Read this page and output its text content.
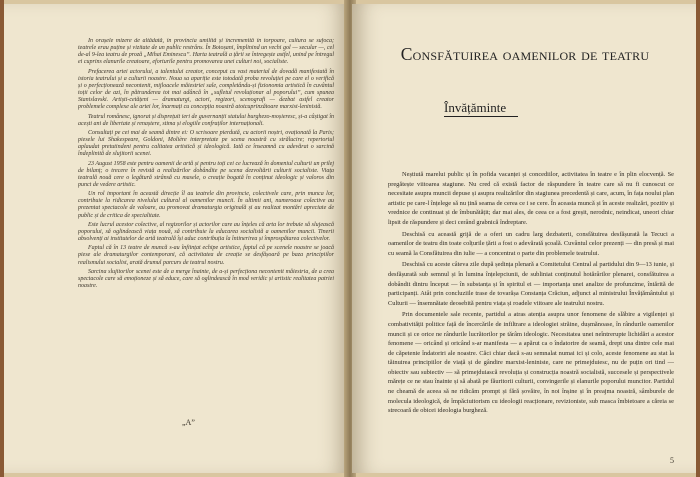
În orașele mizere de altădată, în provincia umilită și încremenită în torpoare, cultura se sufoca; teatrele erau puține și vizitate de un public restrâns. În Botoșani, împlinind un vechi gol — secular —, cel de-al 9-lea teatru de proză „Mihai Eminescu”. Harta teatrală a țării se întregește astfel, unind pe întregul ei cuprins elanurile creatoare, eforturile pentru promovarea unei culturi noi, socialiste.

Prefacerea artei actorului, a talentului creator, conceput cu vast material de dovadă manifestată în istoria teatrului și a culturii noastre. Noua sa apariție este totodată proba revoluției pe care el o verifică și o perfecționează necontenit, mijloacele măiestriei sale, completându-și fizionomia artistică în cuvântul toții celor de azi, în pătrunderea tot mai adâncă în „sufletul revoluționar al poporului”, cum spunea Stanislavski. Artiști-cetățeni — dramaturgi, actori, regizori, scenografi — dezbat astfel creator problemele complexe ale artei lor, înarmați cu concepția noastră atotcuprinzătoare marxist-leninistă.

Teatrul românesc, ignorat și disprețuit ieri de guvernanții statului burghezo-moșieresc, și-a câștigat în acești ani de libertate și renaștere, stima și elogiile confraților internaționali.

Consultați pe cei mai de seamă dintre ei: O scrisoare pierdută, cu actorii noștri, ovaționată la Paris; piesele lui Shakespeare, Goldoni, Molière interpretate pe scena noastră cu strălucire; repertoriul aplaudat pretutindeni pentru calitatea artistică și ideologică. Iată ce înseamnă cu adevărat o sarcină îndeplinită de slujitorii scenei.

23 August 1958 este pentru oamenii de artă și pentru toți cei ce lucrează în domeniul culturii un prilej de bilanț; o trecere în revistă a realizărilor dobândite pe scena dezvoltării culturii socialiste. Viața teatrală nouă cere o legătură strânsă cu masele, o creație bogată în conținut ideologic și valoros din punct de vedere artistic.

Un rol important în această direcție îl au teatrele din provincie, colectivele care, prin munca lor, contribuie la ridicarea nivelului cultural al oamenilor muncii. În ultimii ani, numeroase colective au prezentat spectacole de valoare, au promovat dramaturgia originală și au realizat montări apreciate de public și de critica de specialitate.

Este lucrul acestor colective, al regizorilor și actorilor care au înțeles că arta lor trebuie să slujească poporului, să oglindească viața nouă, să contribuie la educarea socialistă a oamenilor muncii. Tinerii absolvenți ai institutelor de artă teatrală își aduc contribuția la întinerirea și împrospătarea colectivelor.

Faptul că în 13 teatre de muncă s-au înființat echipe artistice, faptul că pe scenele noastre se joacă piese ale dramaturgilor contemporani, că activitatea de creație se desfășoară pe baza principiilor realismului socialist, arată drumul parcurs de teatrul nostru.

Sarcina slujitorilor scenei este de a merge înainte, de a-și perfecționa necontenit măiestria, de a crea spectacole care să emoționeze și să educe, care să oglindească în mod veridic și artistic realitatea patriei noastre.

„A”
Consfătuirea oamenilor de teatru
Învățăminte

Neștiută marelui public și în pofida vacanței și concediilor, activitatea în teatre e în plin elocvență. Se pregătește viitoarea stagiune. Nu cred că există factor de răspundere în teatre care să nu fi cunoscut ce necesitate asupra muncii depuse și asupra realizărilor din stagiunea precedentă și care, acum, în fața noului plan artistic pe care-l înțelege să nu țină seama de cerea ce i se cere. În aceasta muncă și în aceste realizări, pozitiv și vrednice de continuat și de îmbunătățit; dar mai ales, de ceea ce a fost greșit, nerodnic, neindicat, uneori chiar lipsit de răspundere și deci cerând grabnică îndreptare.

Deschisă cu această grijă de a oferi un cadru larg dezbaterii, consfătuirea desfășurată la Tecuci a oamenilor de teatru din toate colțurile țării a fost o adevărată școală. Cuvântul celor prezenți — din presă și mai cu seamă la Consfătuirea din iulie — a concentrat o parte din problemele teatrului.

Deschisă cu aceste câteva zile după ședința plenară a Comitetului Central al partidului din 9—13 iunie, și desfășurată sub semnul și în lumina înțelepciunii, de subliniat conținutul hotărârilor plenarei, consfătuirea a dobândit dintru început — în substanța și în spiritul ei — importanța unei analize de profunzime, întărită de participanți. Atât prin concluziile trase de tovarășa Constanța Crăciun, adjunct al ministrului Învățământului și Culturii — însemnătate deosebită pentru viața și roadele viitoare ale teatrului nostru.

Prin documentele sale recente, partidul a atras atenția asupra unor fenomene de slăbire a vigilenței și combativității politice față de încercările de infiltrare a ideologiei străine, dușmănoase, în rândurile oamenilor muncii și ce orice ne rândurile lucrătorilor pe tărâm ideologic. Necesitatea unei neîntrerupte lichidări a acestor fenomene — oricând și oricând s-ar manifesta — a apărut ca o îndatorire de seamă, drept una dintre cele mai de căpetenie îndatoriri ale noastre. Căci chiar dacă s-au semnalat numai ici și colo, aceste fenomene au stat la tăinuirea principiilor de viață și de gândire marxist-leniniste, care ne primejduiesc, nu de puțin ori tind — obiectiv sau subiectiv — să primejduiască revoluția și construcția noastră socialistă, succesele și perspectivele mărețe ce ne stau înainte și să abată pe făuritorii culturii, convingerile și elanurile poporului muncitor. Partidul ne cheamă de aceea să ne ridicăm prompt și fără șovăire, în noi înșine și în preajma noastră, sâmburele de molecula ideologică, de împăciuitorism cu ideologii reacționare, revizioniste, sub masca îmbietoare a căreia se strecoară de obicei ideologia burgheză.

5
